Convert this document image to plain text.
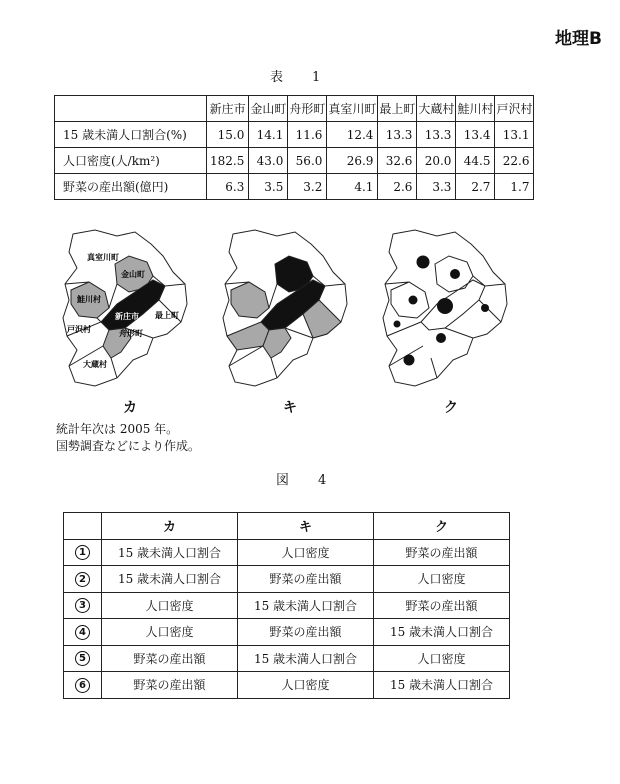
地理B
表　1
	新庄市	金山町	舟形町	真室川町	最上町	大蔵村	鮭川村	戸沢村
15 歳未満人口割合(%)	15.0	14.1	11.6	12.4	13.3	13.3	13.4	13.1
人口密度(人/km²)	182.5	43.0	56.0	26.9	32.6	20.0	44.5	22.6
野菜の産出額(億円)	6.3	3.5	3.2	4.1	2.6	3.3	2.7	1.7
真室川町
金山町
鮭川村
新庄市 最上町
戸沢村	舟形町
大蔵村
カ	キ	ク
統計年次は 2005 年。
国勢調査などにより作成。
図　4
	カ	キ	ク
1	15 歳未満人口割合	人口密度	野菜の産出額
2	15 歳未満人口割合	野菜の産出額	人口密度
3	人口密度	15 歳未満人口割合	野菜の産出額
4	人口密度	野菜の産出額	15 歳未満人口割合
5	野菜の産出額	15 歳未満人口割合	人口密度
6	野菜の産出額	人口密度	15 歳未満人口割合
